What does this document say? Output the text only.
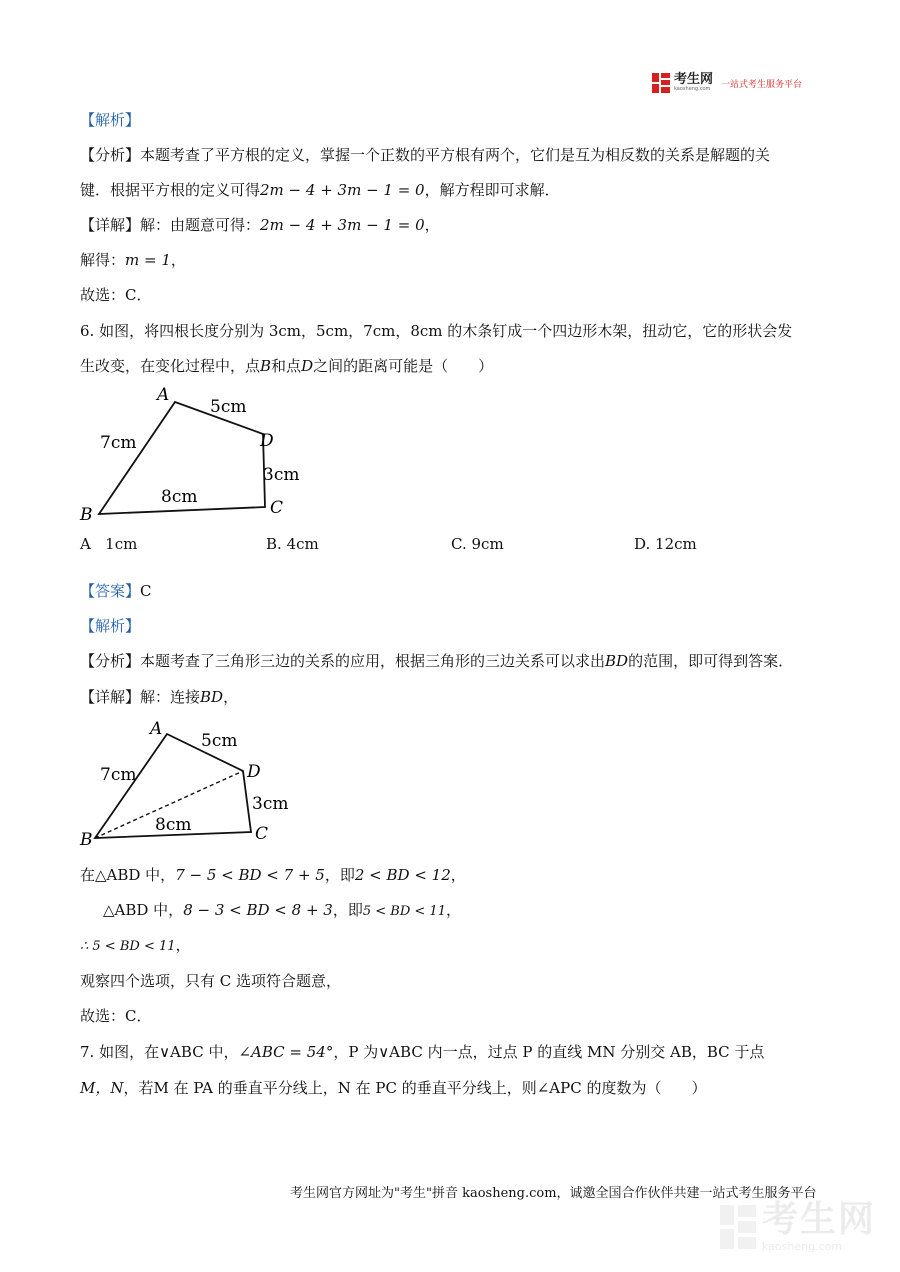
考生网
kaosheng.com 一站式考生服务平台
【解析】
【分析】本题考查了平方根的定义，掌握一个正数的平方根有两个，它们是互为相反数的关系是解题的关
键．根据平方根的定义可得2m − 4 + 3m − 1 = 0，解方程即可求解．
【详解】解：由题意可得：2m − 4 + 3m − 1 = 0，
解得：m = 1，
故选：C．
6. 如图，将四根长度分别为 3cm，5cm，7cm，8cm 的木条钉成一个四边形木架，扭动它，它的形状会发
生改变，在变化过程中，点B和点D之间的距离可能是（　　）
A
B	C
D
5cm
7cm
3cm
8cm
A 1cm	B. 4cm	C. 9cm	D. 12cm
【答案】C
【解析】
【分析】本题考查了三角形三边的关系的应用，根据三角形的三边关系可以求出BD的范围，即可得到答案．
【详解】解：连接BD，
A
B	C
D
5cm
7cm
3cm
8cm
在△ABD 中，7 − 5 < BD < 7 + 5，即2 < BD < 12，
△ABD 中，8 − 3 < BD < 8 + 3，即5 < BD < 11，
∴ 5 < BD < 11，
观察四个选项，只有 C 选项符合题意，
故选：C．
7. 如图，在∨ABC 中，∠ABC = 54°，P 为∨ABC 内一点，过点 P 的直线 MN 分别交 AB，BC 于点
M，N，若M 在 PA 的垂直平分线上，N 在 PC 的垂直平分线上，则∠APC 的度数为（　　）
考生网官方网址为"考生"拼音 kaosheng.com，诚邀全国合作伙伴共建一站式考生服务平台
考生网
kaosheng.com
